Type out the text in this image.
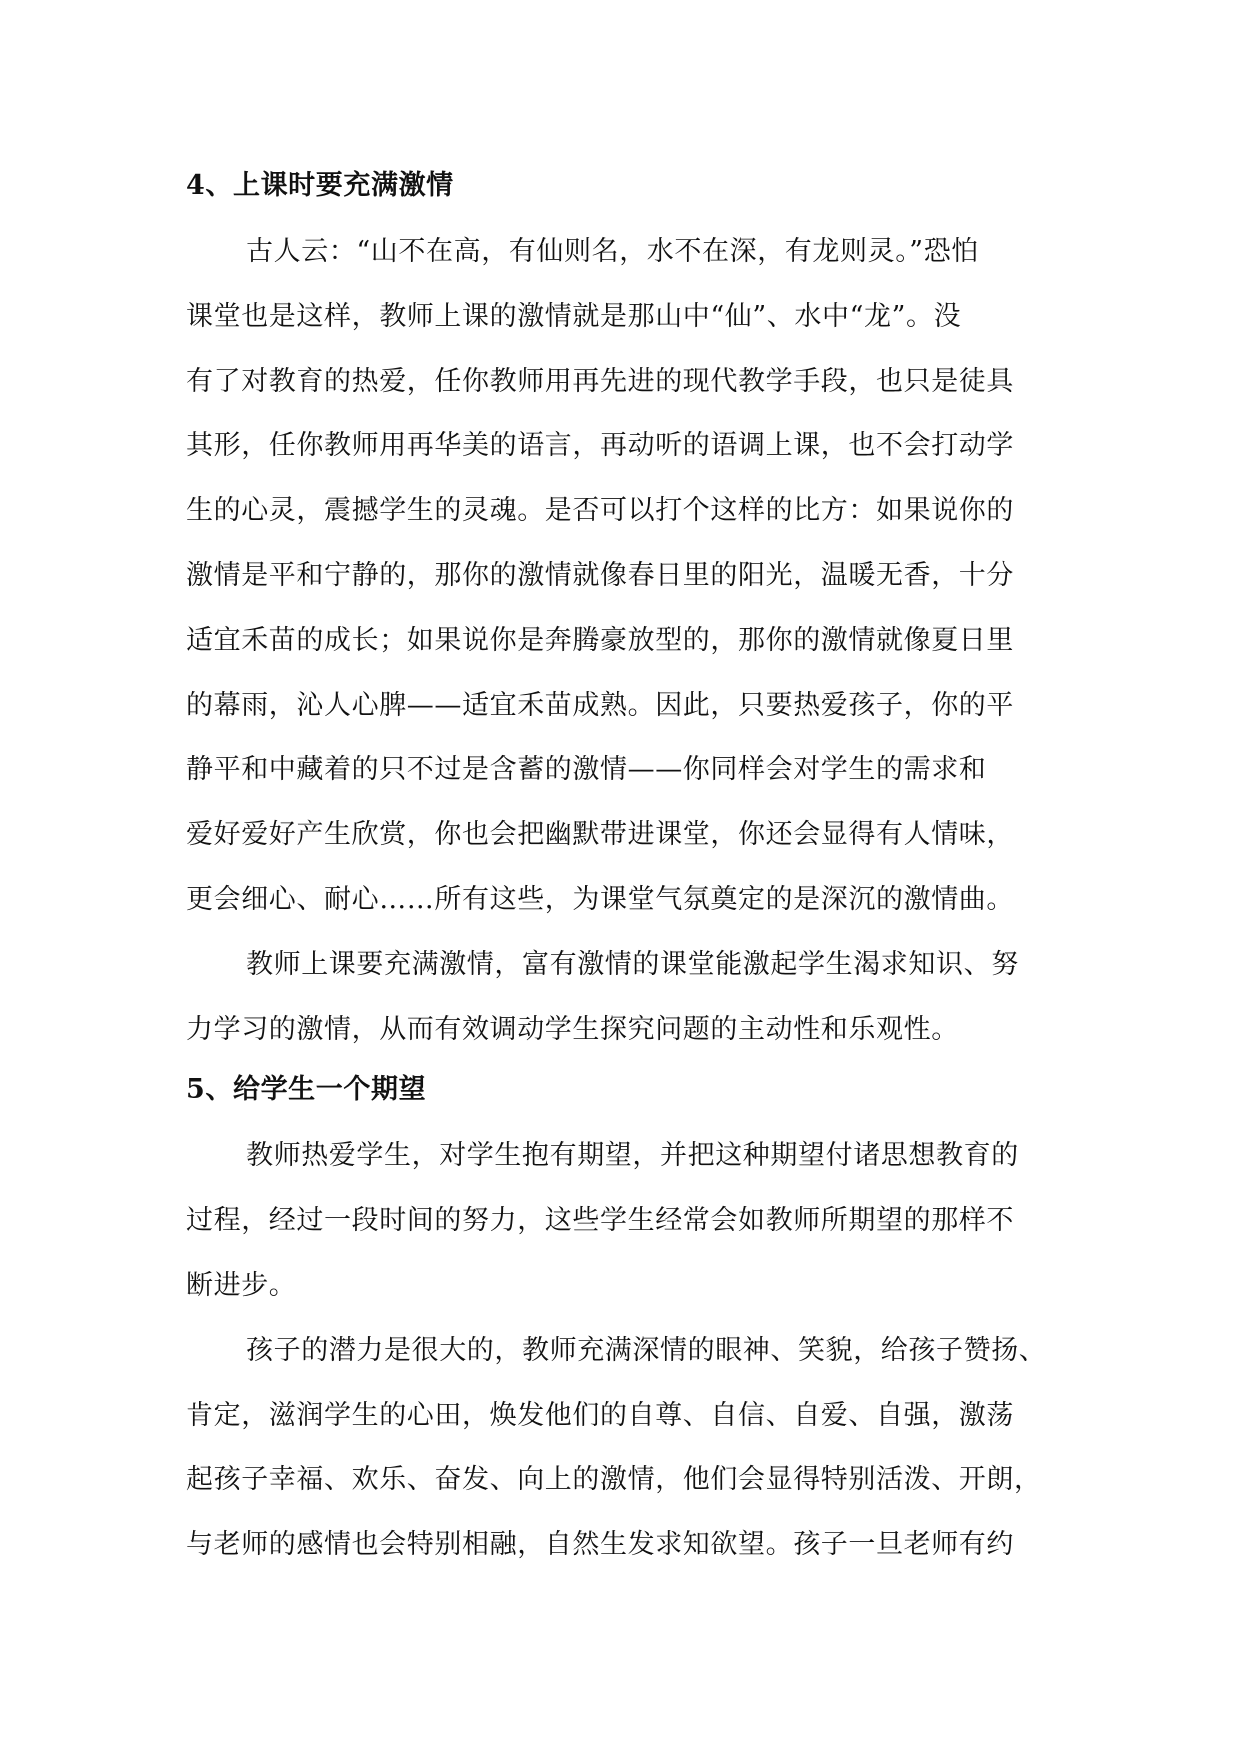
4、上课时要充满激情

古人云：“山不在高，有仙则名，水不在深，有龙则灵。”恐怕

课堂也是这样，教师上课的激情就是那山中“仙”、水中“龙”。没

有了对教育的热爱，任你教师用再先进的现代教学手段，也只是徒具

其形，任你教师用再华美的语言，再动听的语调上课，也不会打动学

生的心灵，震撼学生的灵魂。是否可以打个这样的比方：如果说你的

激情是平和宁静的，那你的激情就像春日里的阳光，温暖无香，十分

适宜禾苗的成长；如果说你是奔腾豪放型的，那你的激情就像夏日里

的幕雨，沁人心脾——适宜禾苗成熟。因此，只要热爱孩子，你的平

静平和中藏着的只不过是含蓄的激情——你同样会对学生的需求和

爱好爱好产生欣赏，你也会把幽默带进课堂，你还会显得有人情味，

更会细心、耐心……所有这些，为课堂气氛奠定的是深沉的激情曲。

教师上课要充满激情，富有激情的课堂能激起学生渴求知识、努

力学习的激情，从而有效调动学生探究问题的主动性和乐观性。

5、给学生一个期望

教师热爱学生，对学生抱有期望，并把这种期望付诸思想教育的

过程，经过一段时间的努力，这些学生经常会如教师所期望的那样不

断进步。

孩子的潜力是很大的，教师充满深情的眼神、笑貌，给孩子赞扬、

肯定，滋润学生的心田，焕发他们的自尊、自信、自爱、自强，激荡

起孩子幸福、欢乐、奋发、向上的激情，他们会显得特别活泼、开朗，

与老师的感情也会特别相融，自然生发求知欲望。孩子一旦老师有约
